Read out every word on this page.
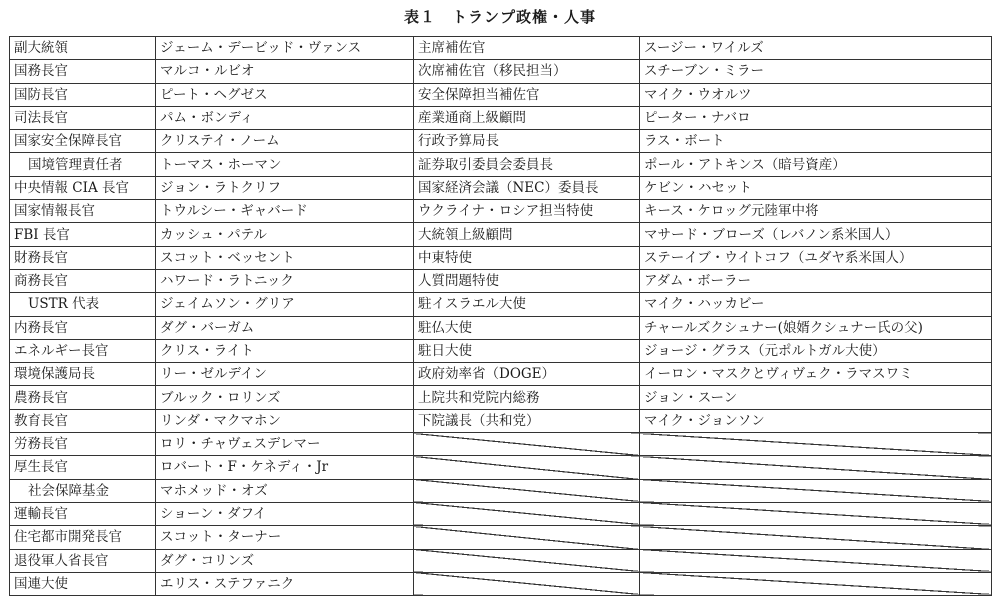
表１　トランプ政権・人事
副大統領	ジェーム・デービッド・ヴァンス	主席補佐官	スージー・ワイルズ
国務長官	マルコ・ルビオ	次席補佐官（移民担当）	スチーブン・ミラー
国防長官	ピート・ヘグゼス	安全保障担当補佐官	マイク・ウオルツ
司法長官	パム・ボンディ	産業通商上級顧問	ピーター・ナバロ
国家安全保障長官	クリステイ・ノーム	行政予算局長	ラス・ボート
国境管理責任者	トーマス・ホーマン	証券取引委員会委員長	ポール・アトキンス（暗号資産）
中央情報 CIA 長官	ジョン・ラトクリフ	国家経済会議（NEC）委員長	ケビン・ハセット
国家情報長官	トウルシー・ギャバード	ウクライナ・ロシア担当特使	キース・ケロッグ元陸軍中将
FBI 長官	カッシュ・パテル	大統領上級顧問	マサード・ブローズ（レバノン系米国人）
財務長官	スコット・ベッセント	中東特使	ステーイブ・ウイトコフ（ユダヤ系米国人）
商務長官	ハワード・ラトニック	人質問題特使	アダム・ボーラー
USTR 代表	ジェイムソン・グリア	駐イスラエル大使	マイク・ハッカビー
内務長官	ダグ・バーガム	駐仏大使	チャールズクシュナー(娘婿クシュナー氏の父)
エネルギー長官	クリス・ライト	駐日大使	ジョージ・グラス（元ポルトガル大使）
環境保護局長	リー・ゼルデイン	政府効率省（DOGE）	イーロン・マスクとヴィヴェク・ラマスワミ
農務長官	ブルック・ロリンズ	上院共和党院内総務	ジョン・スーン
教育長官	リンダ・マクマホン	下院議長（共和党）	マイク・ジョンソン
労務長官	ロリ・チャヴェスデレマー		
厚生長官	ロバート・F・ケネディ・Jr		
社会保障基金	マホメッド・オズ		
運輸長官	ショーン・ダフイ		
住宅都市開発長官	スコット・ターナー		
退役軍人省長官	ダグ・コリンズ		
国連大使	エリス・ステファニク		
